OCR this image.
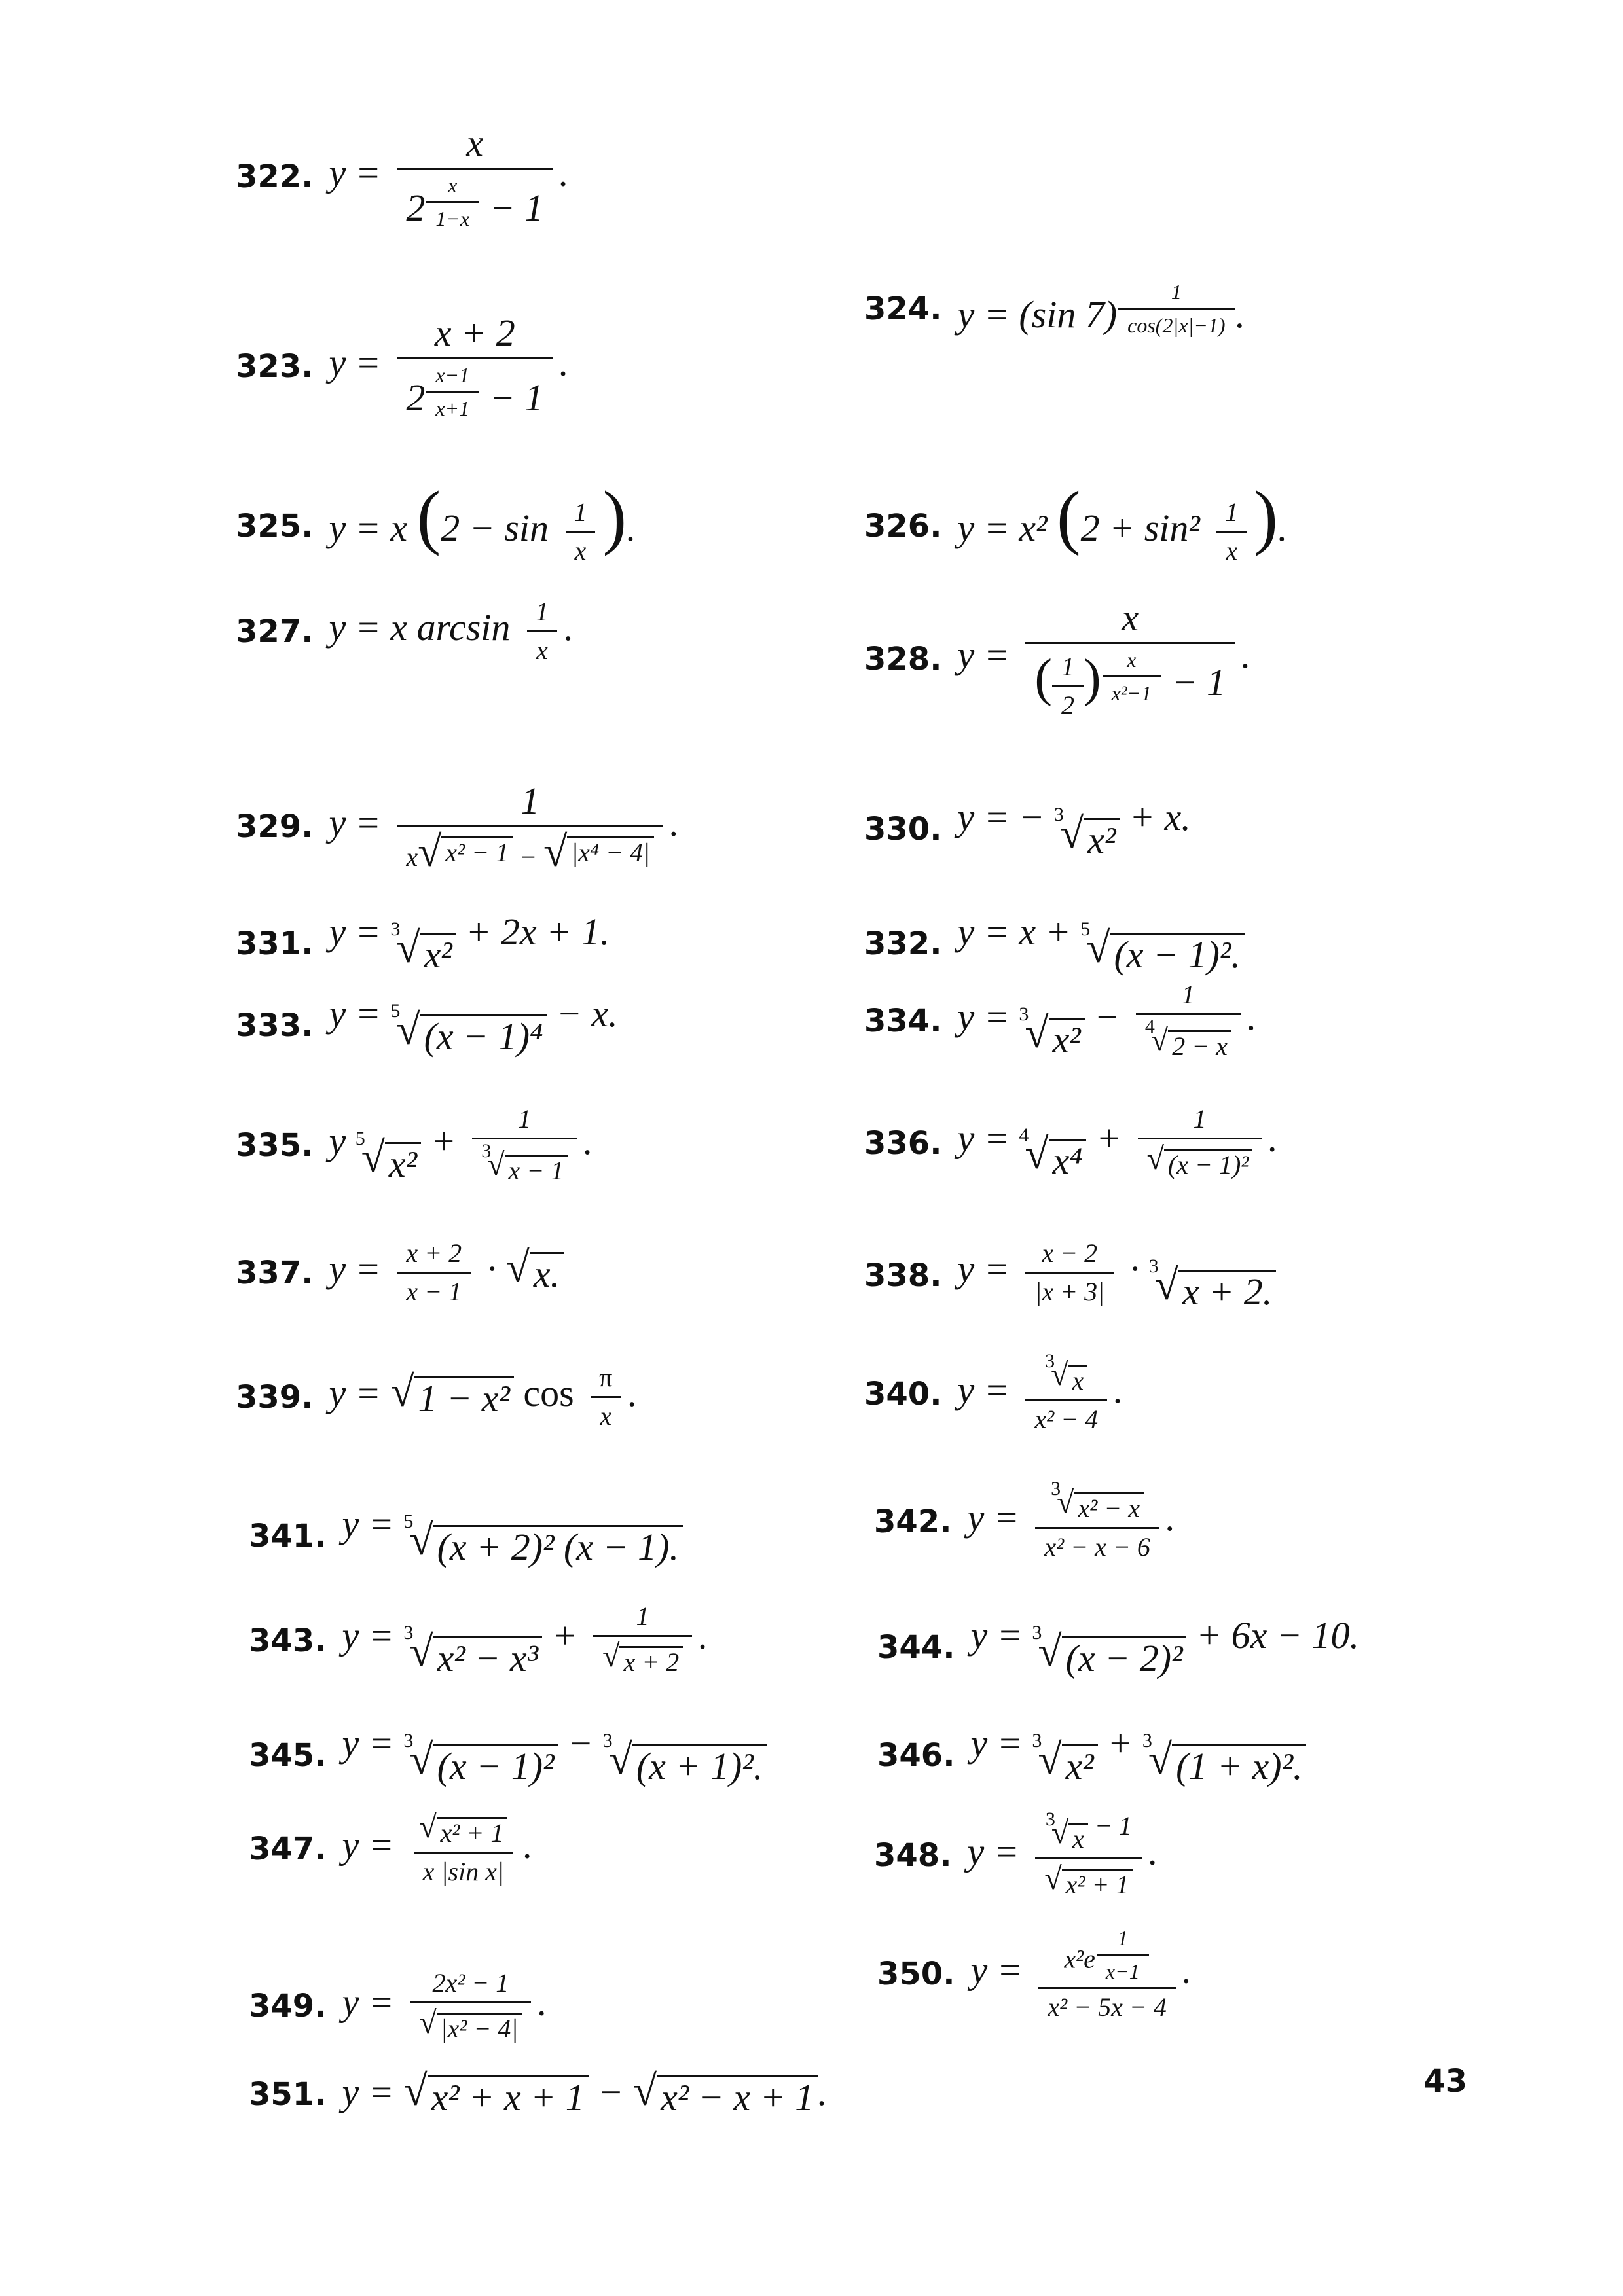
322. y = x
2 $^{\frac{x}{1-x}}$ − 1 .
323. y = x + 2
2 $^{\frac{x-1}{x+1}}$ − 1 .
324. y = (sin 7) $^{\frac{1}{\cos(2|x|-1)}}$ .
325. y = x ($2 - \sin \frac{1}{x}$ ).	326. y = x² ($2 + \sin^2 \frac{1}{x}$ ).
327. y = x $\arcsin \frac{1}{x}$ .
328. y = x
( $\frac{1}{2}$ ) $^{\frac{x}{\text{x²−1}}}$ − 1 .
329. $y = \frac{1}{\text{x √ x² − 1 − √ |x⁴ − 4|}}$ .	330. y = − 3
√ x²
+ x.
331. y = 3
√ x²
+ 2x + 1.	332. y = x + 5
√ (x − 1)².
333. y = 5
√ (x − 1)⁴
− x.	334. y = 3
√ x²
− 1
4
√ 2 − x .
335. y 5
√ x²
+ 1
3
√ x − 1 .	336. y = 4
√ x⁴
+ $\frac{1}{\text{√ (x − 1)²}}$ .
337. $y = \frac{x + 2}{x - 1}$ · √ x.	338. $y = \frac{x - 2}{|x + 3|} \cdot 3$
√ x + 2.
339. y = √ 1 − x² $\cos \frac{\pi}{x}$ .	340. y = 3
√ x
x² − 4 .
341. y = 5
√ (x + 2)² (x − 1).
342. y = 3
√ x² − x
x² − x − 6 .
343. y = 3
√ x² − x³
+ $\frac{1}{√ x + 2}$ .	344. y = 3
√ (x − 2)²
+ 6x − 10.
345. y = 3
√ (x − 1)²
− 3
√ (x + 1)².	346. y = 3
√ x²
+ 3
√ (1 + x)².
347. $y = \frac{\text{√ x² + 1}}{\text{x |sin x|}}$ .	348. y = 3
√ x − 1
√ x² + 1 .
349. $y = \frac{\text{2x² − 1}}{\text{√ |x² − 4|}}$ .
350. y = x²e $^{\frac{1}{x-1}}$
x² − 5x − 4 .
351. y = √ x² + x + 1 − √ x² − x + 1 .	43
